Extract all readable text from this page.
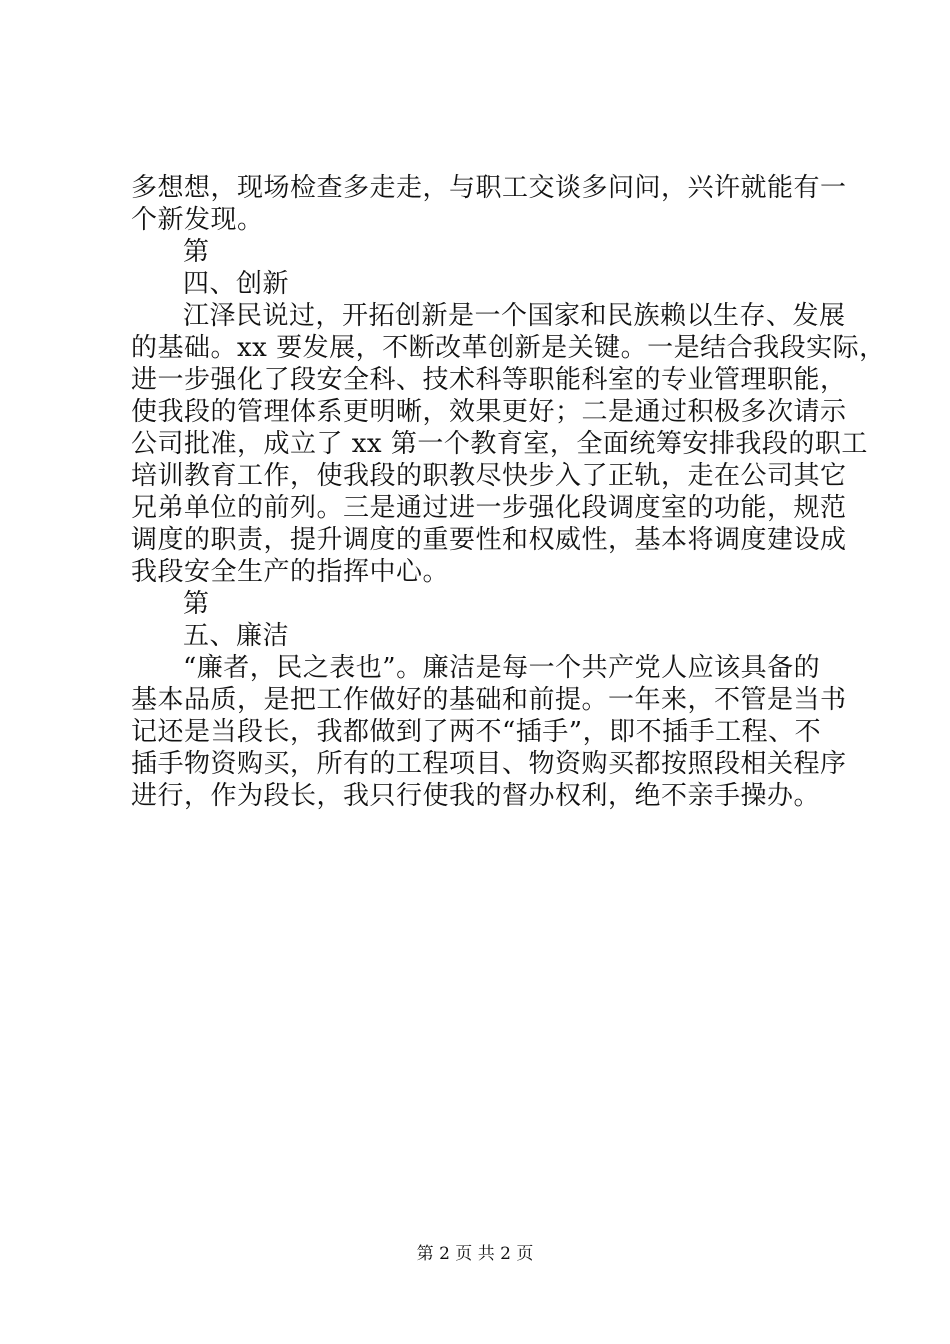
多想想，现场检查多走走，与职工交谈多问问，兴许就能有一
个新发现。
第
四、创新
江泽民说过，开拓创新是一个国家和民族赖以生存、发展
的基础。xx 要发展，不断改革创新是关键。一是结合我段实际，
进一步强化了段安全科、技术科等职能科室的专业管理职能，
使我段的管理体系更明晰，效果更好；二是通过积极多次请示
公司批准，成立了 xx 第一个教育室，全面统筹安排我段的职工
培训教育工作，使我段的职教尽快步入了正轨，走在公司其它
兄弟单位的前列。三是通过进一步强化段调度室的功能，规范
调度的职责，提升调度的重要性和权威性，基本将调度建设成
我段安全生产的指挥中心。
第
五、廉洁
“廉者，民之表也”。廉洁是每一个共产党人应该具备的
基本品质，是把工作做好的基础和前提。一年来，不管是当书
记还是当段长，我都做到了两不“插手”，即不插手工程、不
插手物资购买，所有的工程项目、物资购买都按照段相关程序
进行，作为段长，我只行使我的督办权利，绝不亲手操办。
第 2 页 共 2 页
